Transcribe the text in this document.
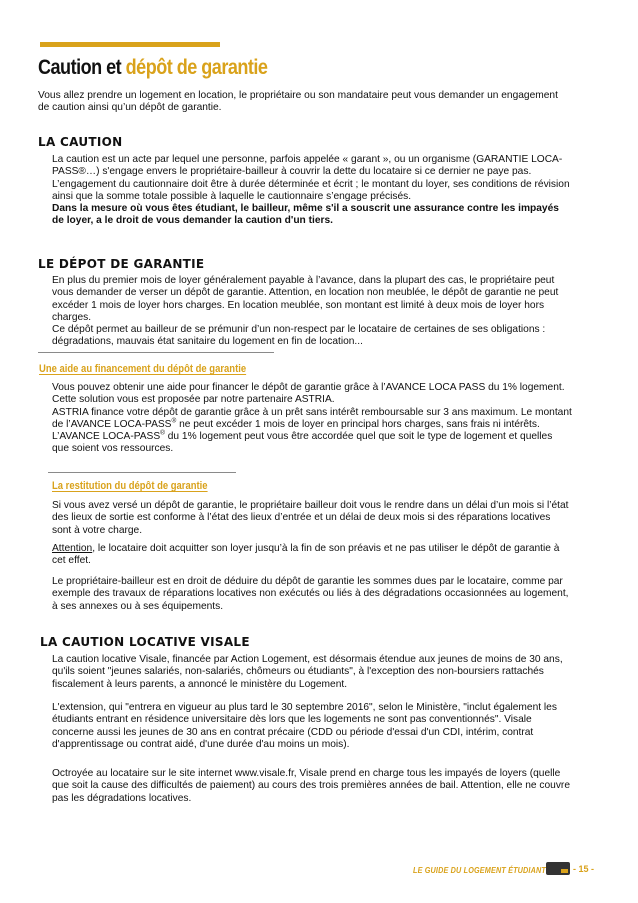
Caution et dépôt de garantie
Vous allez prendre un logement en location, le propriétaire ou son mandataire peut vous demander un engagement
de caution ainsi qu’un dépôt de garantie.
LA CAUTION
La caution est un acte par lequel une personne, parfois appelée « garant », ou un organisme (GARANTIE LOCA-
PASS®…) s'engage envers le propriétaire-bailleur à couvrir la dette du locataire si ce dernier ne paye pas.
L’engagement du cautionnaire doit être à durée déterminée et écrit ; le montant du loyer, ses conditions de révision
ainsi que la somme totale possible à laquelle le cautionnaire s’engage précisés.
Dans la mesure où vous êtes étudiant, le bailleur, même s'il a souscrit une assurance contre les impayés
de loyer, a le droit de vous demander la caution d'un tiers.
LE DÉPOT DE GARANTIE
En plus du premier mois de loyer généralement payable à l’avance, dans la plupart des cas, le propriétaire peut
vous demander de verser un dépôt de garantie. Attention, en location non meublée, le dépôt de garantie ne peut
excéder 1 mois de loyer hors charges. En location meublée, son montant est limité à deux mois de loyer hors
charges.
Ce dépôt permet au bailleur de se prémunir d’un non-respect par le locataire de certaines de ses obligations :
dégradations, mauvais état sanitaire du logement en fin de location...
Une aide au financement du dépôt de garantie
Vous pouvez obtenir une aide pour financer le dépôt de garantie grâce à l’AVANCE LOCA PASS du 1% logement.
Cette solution vous est proposée par notre partenaire ASTRIA.
ASTRIA finance votre dépôt de garantie grâce à un prêt sans intérêt remboursable sur 3 ans maximum. Le montant
de l’AVANCE LOCA-PASS® ne peut excéder 1 mois de loyer en principal hors charges, sans frais ni intérêts.
L’AVANCE LOCA-PASS® du 1% logement peut vous être accordée quel que soit le type de logement et quelles
que soient vos ressources.
La restitution du dépôt de garantie
Si vous avez versé un dépôt de garantie, le propriétaire bailleur doit vous le rendre dans un délai d’un mois si l’état
des lieux de sortie est conforme à l’état des lieux d’entrée et un délai de deux mois si des réparations locatives
sont à votre charge.
Attention, le locataire doit acquitter son loyer jusqu’à la fin de son préavis et ne pas utiliser le dépôt de garantie à
cet effet.
Le propriétaire-bailleur est en droit de déduire du dépôt de garantie les sommes dues par le locataire, comme par
exemple des travaux de réparations locatives non exécutés ou liés à des dégradations occasionnées au logement,
à ses annexes ou à ses équipements.
LA CAUTION LOCATIVE VISALE
La caution locative Visale, financée par Action Logement, est désormais étendue aux jeunes de moins de 30 ans,
qu'ils soient "jeunes salariés, non-salariés, chômeurs ou étudiants", à l'exception des non-boursiers rattachés
fiscalement à leurs parents, a annoncé le ministère du Logement.
L'extension, qui "entrera en vigueur au plus tard le 30 septembre 2016", selon le Ministère, "inclut également les
étudiants entrant en résidence universitaire dès lors que les logements ne sont pas conventionnés". Visale
concerne aussi les jeunes de 30 ans en contrat précaire (CDD ou période d'essai d'un CDI, intérim, contrat
d'apprentissage ou contrat aidé, d'une durée d'au moins un mois).
Octroyée au locataire sur le site internet www.visale.fr, Visale prend en charge tous les impayés de loyers (quelle
que soit la cause des difficultés de paiement) au cours des trois premières années de bail. Attention, elle ne couvre
pas les dégradations locatives.
LE GUIDE DU LOGEMENT ÉTUDIANT	- 15 -
